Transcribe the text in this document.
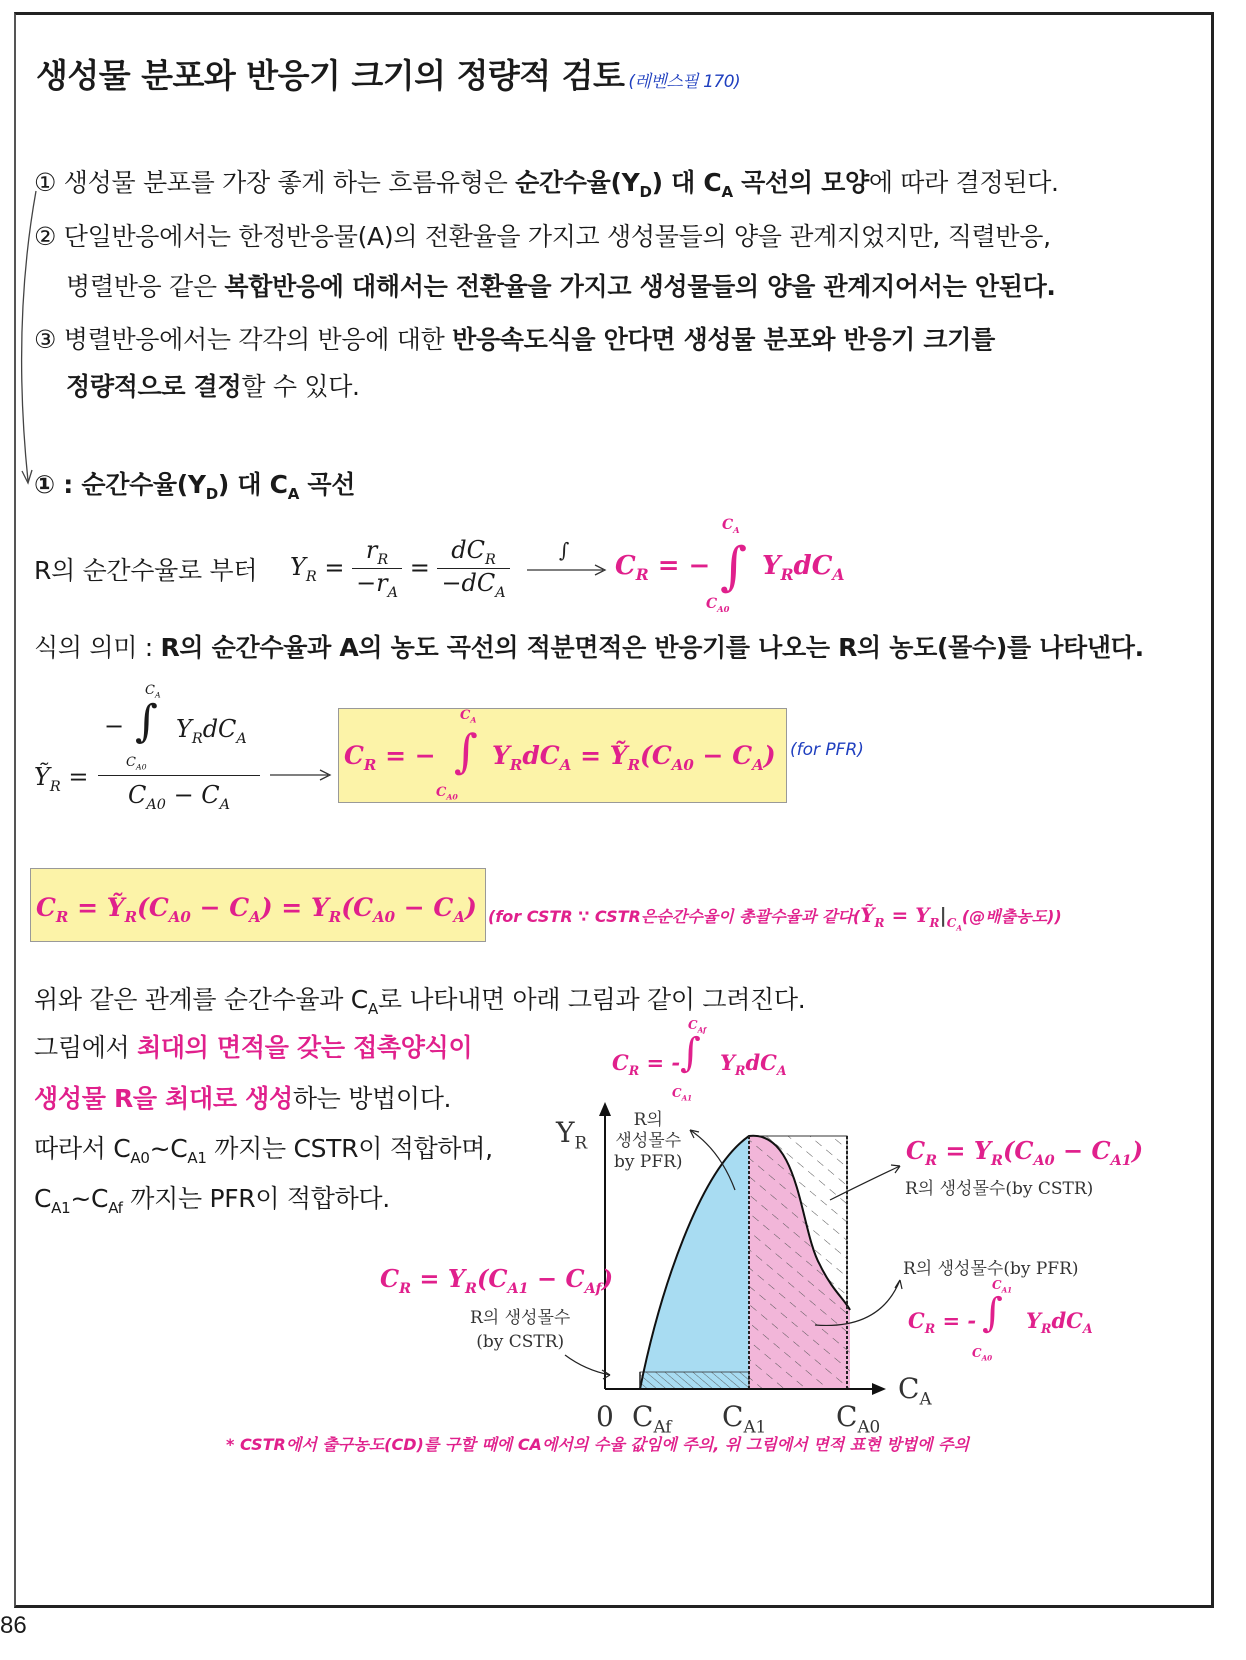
생성물 분포와 반응기 크기의 정량적 검토 (레벤스필 170)
① 생성물 분포를 가장 좋게 하는 흐름유형은 순간수율$(Y_D)$ 대 $C_A$ 곡선의 모양에 따라 결정된다.
② 단일반응에서는 한정반응물(A)의 전환율을 가지고 생성물들의 양을 관계지었지만, 직렬반응,
병렬반응 같은 복합반응에 대해서는 전환율을 가지고 생성물들의 양을 관계지어서는 안된다.
③ 병렬반응에서는 각각의 반응에 대한 반응속도식을 안다면 생성물 분포와 반응기 크기를
정량적으로 결정할 수 있다.
① : 순간수율$(Y_D)$ 대 $C_A$ 곡선
R의 순간수율로 부터 $Y_R = \frac{r_R}{-r_A} = \frac{dC_R}{-dC_A}$ ∫
$C_R$ = −
$C_A$
∫
$C_{A0}$
$Y_RdC_A$
식의 의미 : R의 순간수율과 A의 농도 곡선의 적분면적은 반응기를 나오는 R의 농도(몰수)를 나타낸다.
Ỹ$_R$ =
$C_A$
− ∫
$C_{A0}$
$Y_RdC_A$
$C_{A0} - C_A$
$C_R$ = −
$C_A$
∫
$C_{A0}$
$Y_RdC_A$ = $Ỹ_R(C_{A0} - C_A)$ (for PFR)
$C_R$ = $Ỹ_R(C_{A0} - C_A) = Y_R(C_{A0} - C_A)$ (for CSTR ∵ CSTR은순간수율이 총괄수율과 같다(Ỹ$_R$ = $Y_R|_{C_A}(@$배출농도))
위와 같은 관계를 순간수율과 $C_A$로 나타내면 아래 그림과 같이 그려진다.
그림에서 최대의 면적을 갖는 접촉양식이
생성물 R을 최대로 생성하는 방법이다.
따라서 $C_{A0}\sim C_{A1}$ 까지는 CSTR이 적합하며,
$C_{A1}\sim C_{Af}$ 까지는 PFR이 적합하다.
$Y_R$
$C_A$
0 $C_{Af}$ $C_{A1}$ $C_{A0}$
R의
생성몰수
by PFR)
R의 생성몰수(by CSTR)
R의 생성몰수(by PFR)
R의 생성몰수
(by CSTR)
$C_R$ = -
$C_{Af}$
∫
$C_{A1}$
$Y_RdC_A$
$C_R = Y_R(C_{A0} - C_{A1})$
$C_R$ = -
$C_{A1}$
∫
$C_{A0}$
$Y_RdC_A$
$C_R = Y_R(C_{A1} - C_{Af})$
* CSTR에서 출구농도(CD)를 구할 때에 CA에서의 수율 값임에 주의, 위 그림에서 면적 표현 방법에 주의
86
